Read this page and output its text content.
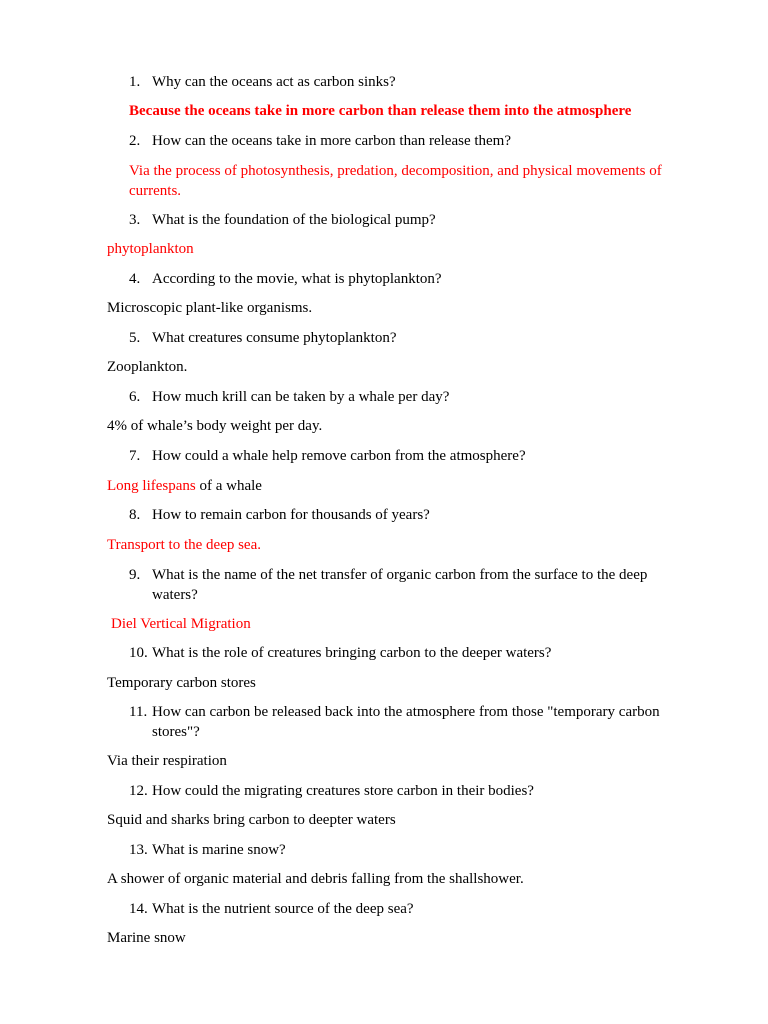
1. Why can the oceans act as carbon sinks?
Because the oceans take in more carbon than release them into the atmosphere
2. How can the oceans take in more carbon than release them?
Via the process of photosynthesis, predation, decomposition, and physical movements of currents.
3. What is the foundation of the biological pump?
phytoplankton
4. According to the movie, what is phytoplankton?
Microscopic plant-like organisms.
5. What creatures consume phytoplankton?
Zooplankton.
6. How much krill can be taken by a whale per day?
4% of whale’s body weight per day.
7. How could a whale help remove carbon from the atmosphere?
Long lifespans of a whale
8. How to remain carbon for thousands of years?
Transport to the deep sea.
9. What is the name of the net transfer of organic carbon from the surface to the deep waters?
Diel Vertical Migration
10. What is the role of creatures bringing carbon to the deeper waters?
Temporary carbon stores
11. How can carbon be released back into the atmosphere from those "temporary carbon stores"?
Via their respiration
12. How could the migrating creatures store carbon in their bodies?
Squid and sharks bring carbon to deepter waters
13. What is marine snow?
A shower of organic material and debris falling from the shallshower.
14. What is the nutrient source of the deep sea?
Marine snow
